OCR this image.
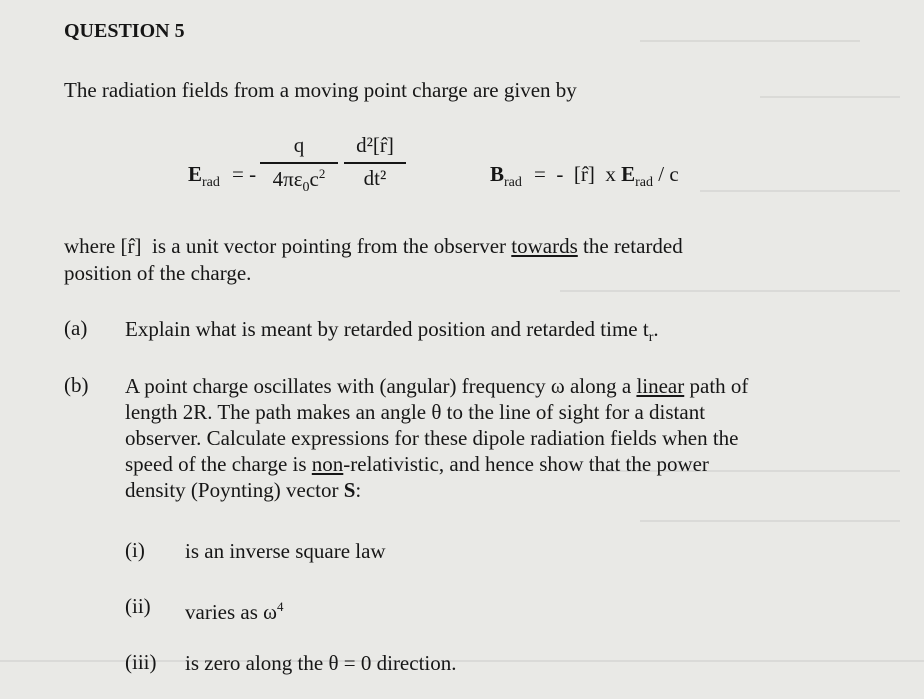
QUESTION 5
The radiation fields from a moving point charge are given by
$E_{rad}$ = -
q
$4\pi\varepsilon_0c^2$
d²[r̂]
dt²	$B_{rad}$ =  -  [r̂]  x $E_{rad}$ / c
where [r̂]  is a unit vector pointing from the observer towards the retarded
position of the charge.
(a) Explain what is meant by retarded position and retarded time $t_r$.
(b) A point charge oscillates with (angular) frequency ω along a linear path of
length 2R. The path makes an angle θ to the line of sight for a distant
observer. Calculate expressions for these dipole radiation fields when the
speed of the charge is non-relativistic, and hence show that the power
density (Poynting) vector S:
(i) is an inverse square law
(ii) varies as $\omega^4$
(iii) is zero along the θ = 0 direction.
